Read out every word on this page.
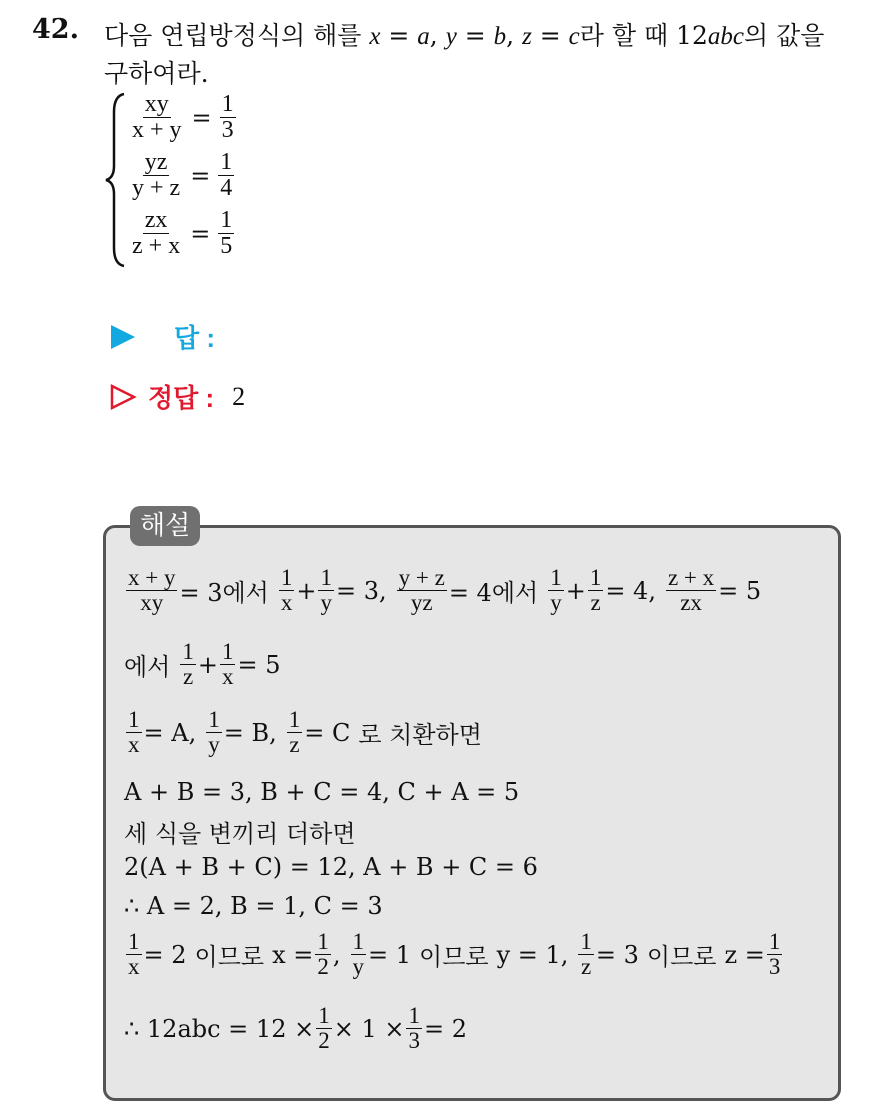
42. 다음 연립방정식의 해를 x = a, y = b, z = c라 할 때 12abc의 값을
구하여라.
$\frac{xy}{x + y} = \frac{1}{3}$
$\frac{yz}{y + z} = \frac{1}{4}$
$\frac{zx}{z + x} = \frac{1}{5}$
답 :
정답 : 2
해설
$\frac{x + y}{xy} = 3$에서 $\frac{1}{x} + \frac{1}{y} = 3$, $\frac{y + z}{yz} = 4$에서 $\frac{1}{y} + \frac{1}{z} = 4$, $\frac{z + x}{zx} = 5$
에서 $\frac{1}{z} + \frac{1}{x} = 5$
$\frac{1}{x} = A$, $\frac{1}{y} = B$, $\frac{1}{z} = C$ 로 치환하면
A + B = 3, B + C = 4, C + A = 5
세 식을 변끼리 더하면
2(A + B + C) = 12, A + B + C = 6
∴ A = 2, B = 1, C = 3
$\frac{1}{x} = 2$ 이므로 $x = \frac{1}{2}$ , $\frac{1}{y} = 1$ 이므로 y = 1, $\frac{1}{z} = 3$ 이므로 $z = \frac{1}{3}$
∴ $12abc = 12 \times \frac{1}{2} \times 1 \times \frac{1}{3} = 2$
